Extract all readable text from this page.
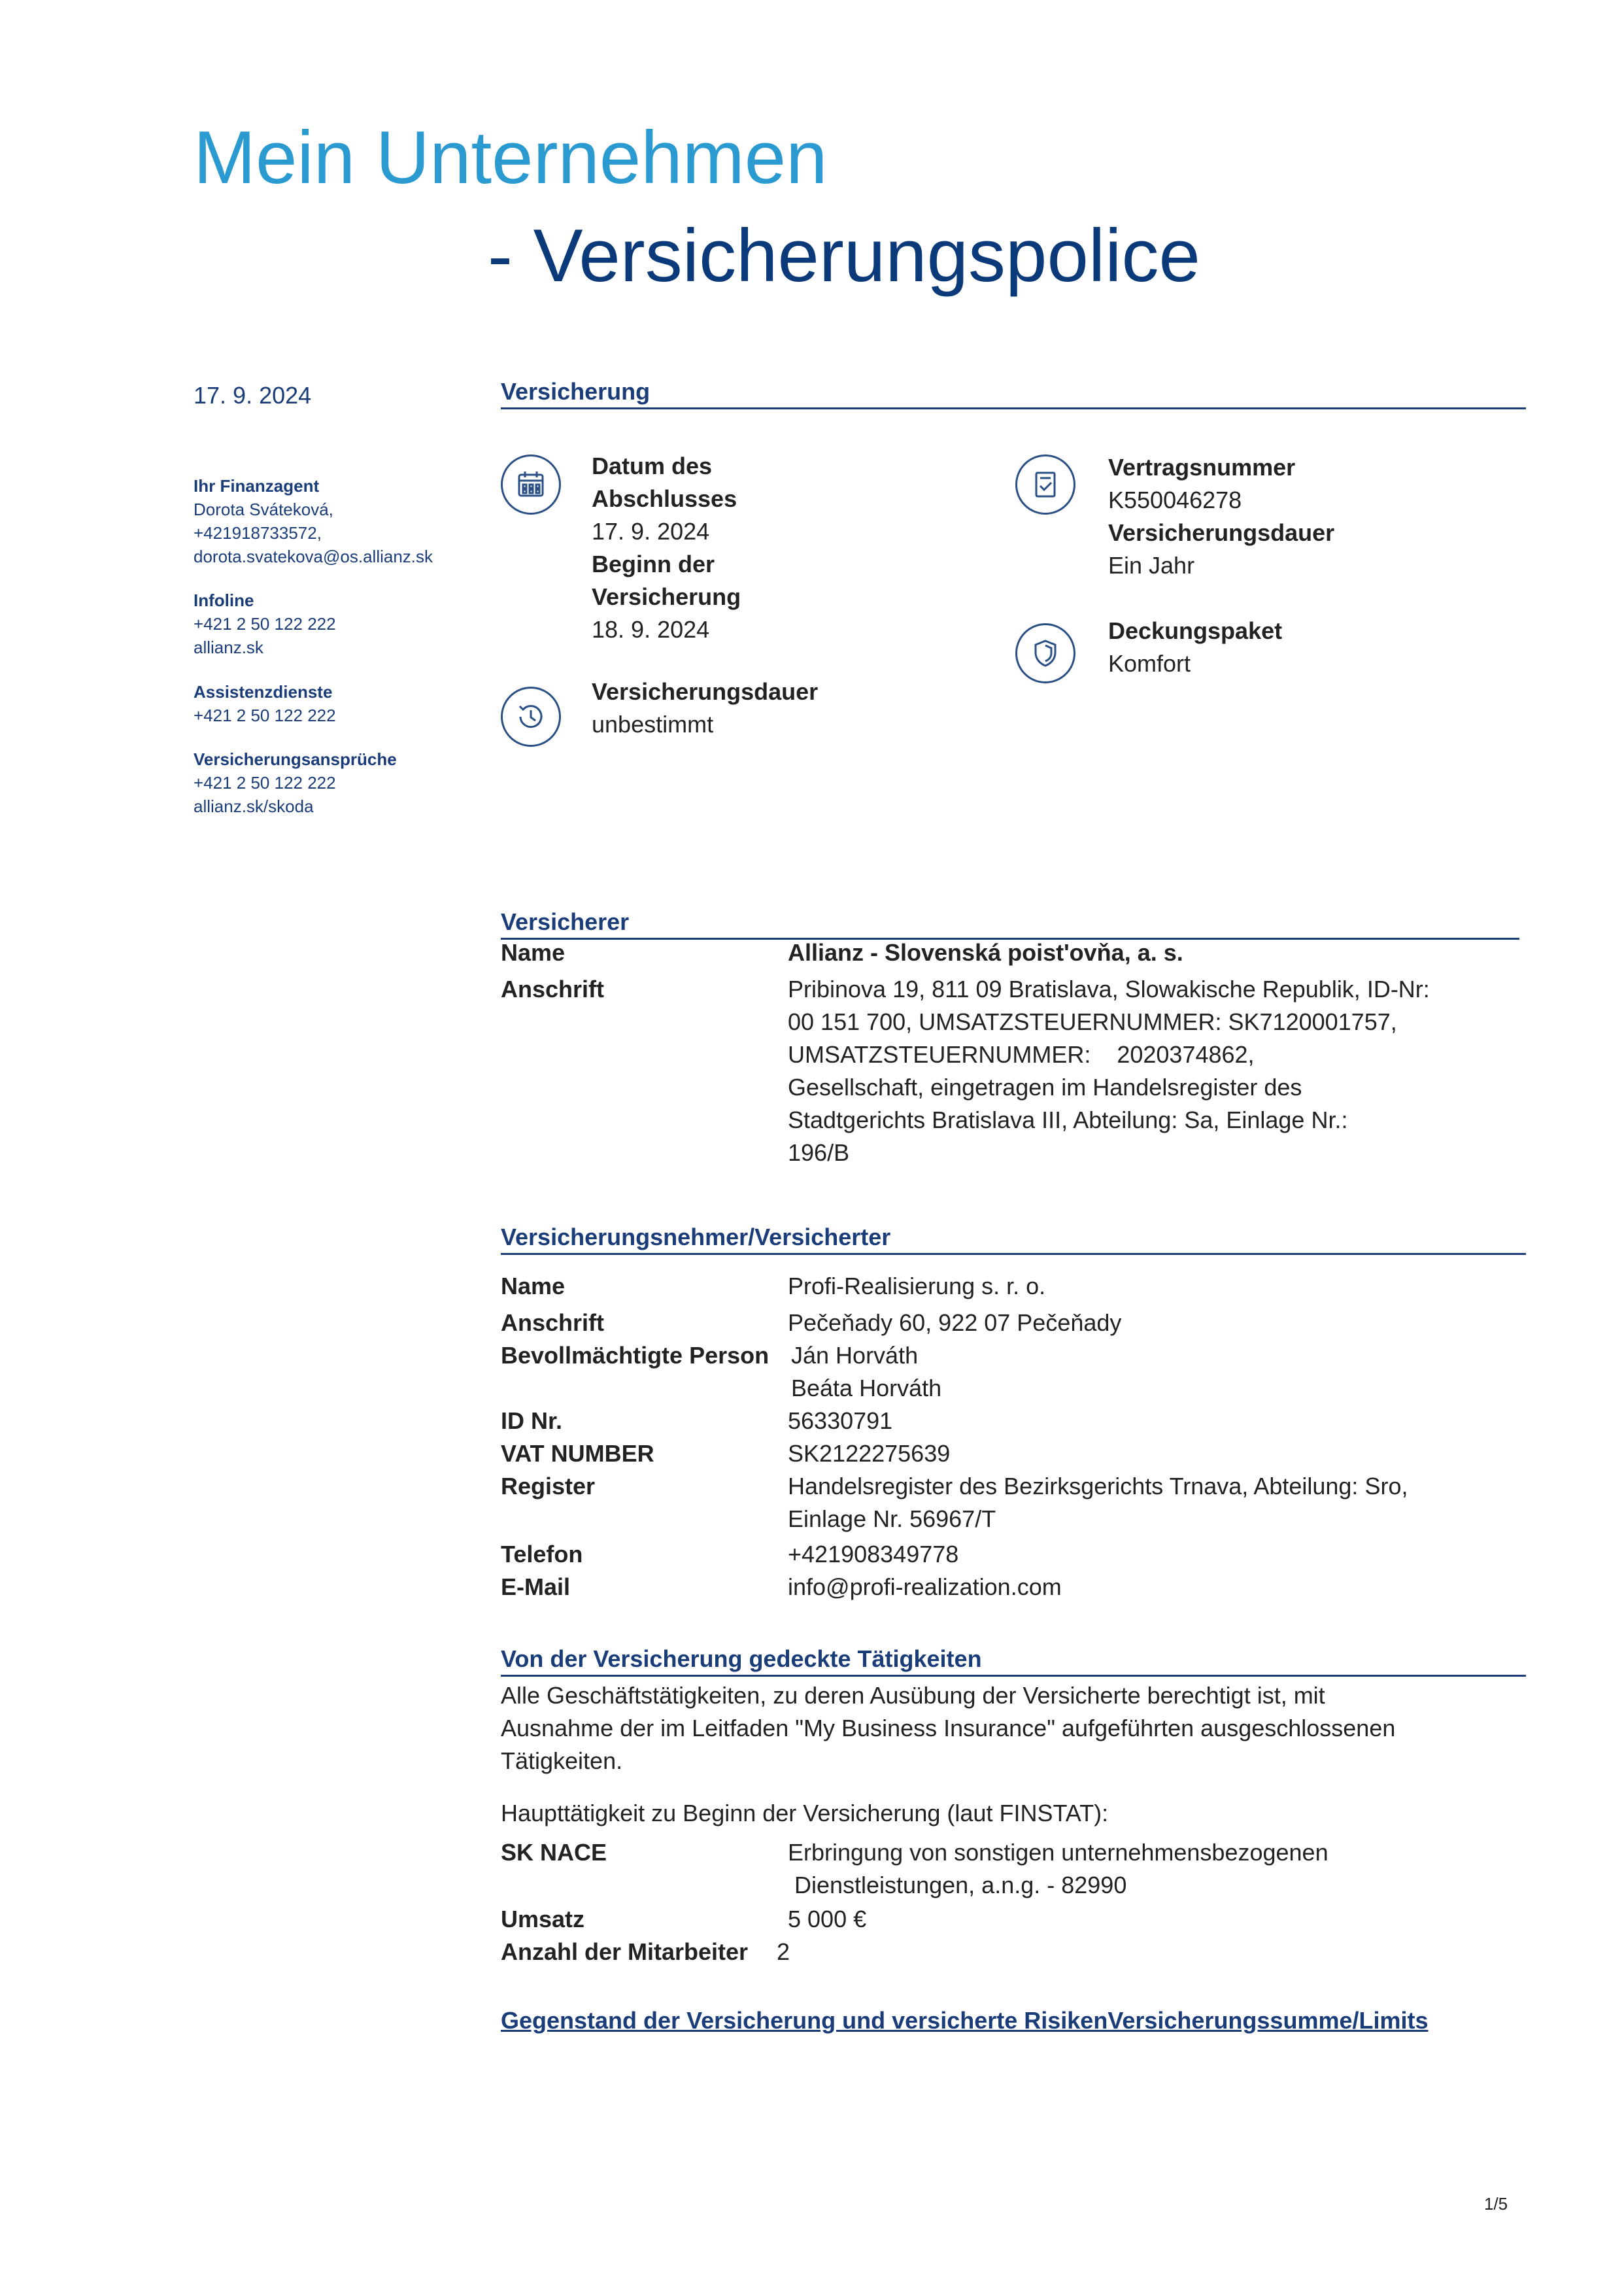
Mein Unternehmen
- Versicherungspolice
17. 9. 2024
Ihr Finanzagent
Dorota Sváteková,
+421918733572,
dorota.svatekova@os.allianz.sk
Infoline
+421 2 50 122 222
allianz.sk
Assistenzdienste
+421 2 50 122 222
Versicherungsansprüche
+421 2 50 122 222
allianz.sk/skoda
Versicherung
Datum des
Abschlusses
17. 9. 2024
Beginn der
Versicherung
18. 9. 2024
Versicherungsdauer
unbestimmt
Vertragsnummer
K550046278
Versicherungsdauer
Ein Jahr
Deckungspaket
Komfort
Versicherer
Name	Allianz - Slovenská poist'ovňa, a. s.
Anschrift	Pribinova 19, 811 09 Bratislava, Slowakische Republik, ID-Nr:
00 151 700, UMSATZSTEUERNUMMER: SK7120001757,
UMSATZSTEUERNUMMER:    2020374862,
Gesellschaft, eingetragen im Handelsregister des
Stadtgerichts Bratislava III, Abteilung: Sa, Einlage Nr.:
196/B
Versicherungsnehmer/Versicherter
Name	Profi-Realisierung s. r. o.
Anschrift	Pečeňady 60, 922 07 Pečeňady
Bevollmächtigte Person Ján Horváth
Beáta Horváth
ID Nr.	56330791
VAT NUMBER	SK2122275639
Register	Handelsregister des Bezirksgerichts Trnava, Abteilung: Sro,
Einlage Nr. 56967/T
Telefon	+421908349778
E-Mail	info@profi-realization.com
Von der Versicherung gedeckte Tätigkeiten
Alle Geschäftstätigkeiten, zu deren Ausübung der Versicherte berechtigt ist, mit
Ausnahme der im Leitfaden "My Business Insurance" aufgeführten ausgeschlossenen
Tätigkeiten.
Haupttätigkeit zu Beginn der Versicherung (laut FINSTAT):
SK NACE	Erbringung von sonstigen unternehmensbezogenen
Dienstleistungen, a.n.g. - 82990
Umsatz	5 000 €
Anzahl der Mitarbeiter 2
Gegenstand der Versicherung und versicherte RisikenVersicherungssumme/Limits
1/5
